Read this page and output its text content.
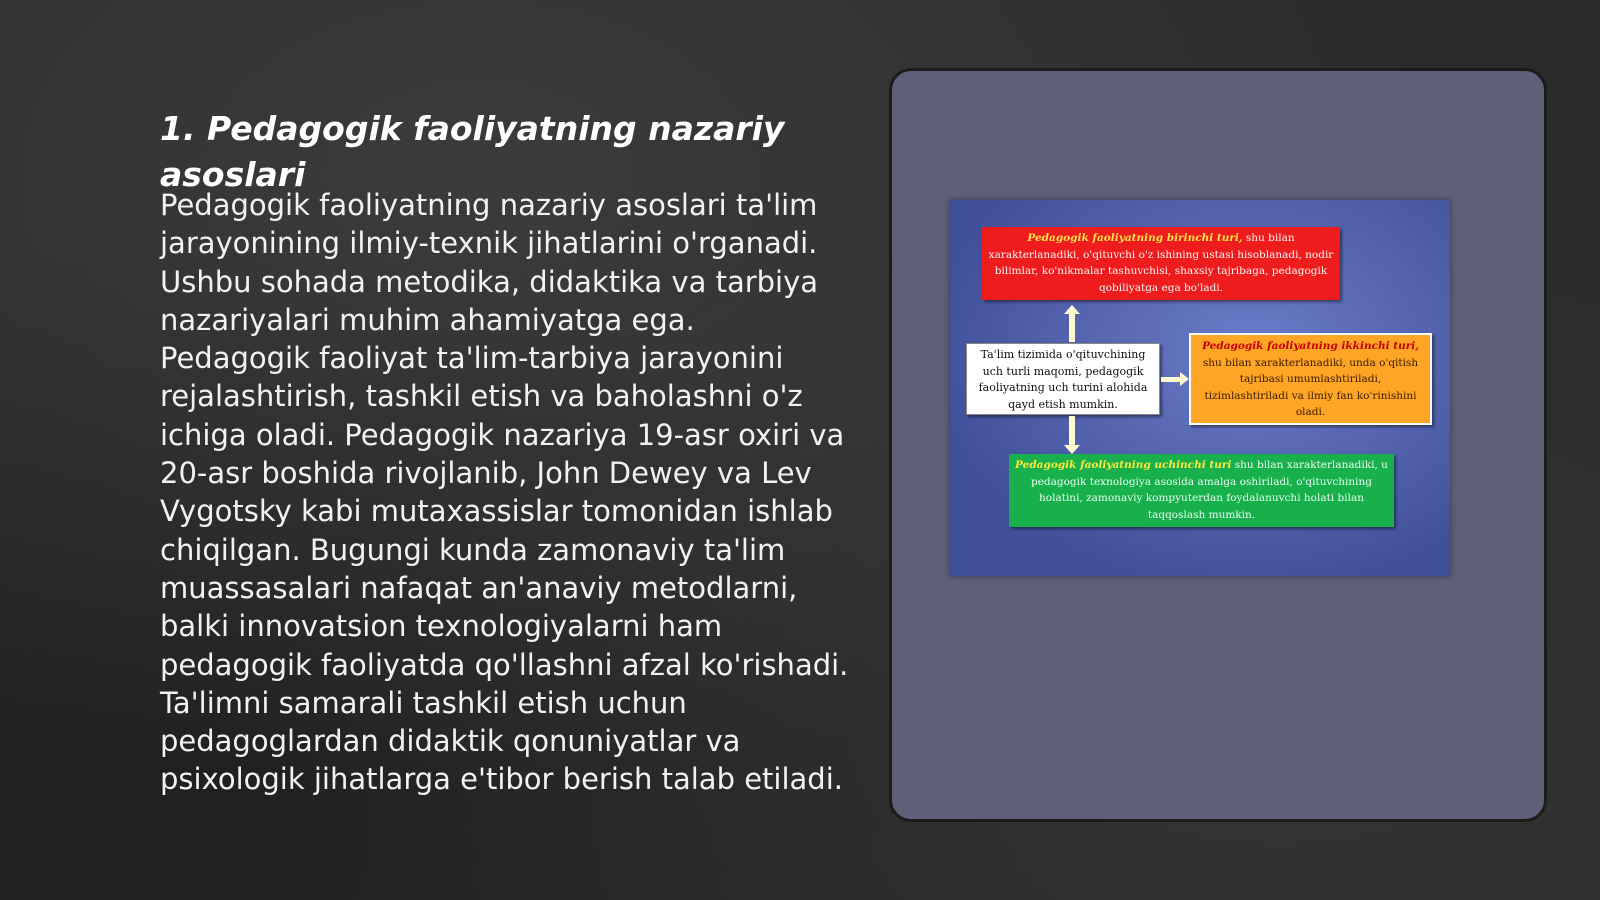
1. Pedagogik faoliyatning nazariy asoslari

Pedagogik faoliyatning nazariy asoslari ta'lim jarayonining ilmiy-texnik jihatlarini o'rganadi. Ushbu sohada metodika, didaktika va tarbiya nazariyalari muhim ahamiyatga ega. Pedagogik faoliyat ta'lim-tarbiya jarayonini rejalashtirish, tashkil etish va baholashni o'z ichiga oladi. Pedagogik nazariya 19-asr oxiri va 20-asr boshida rivojlanib, John Dewey va Lev Vygotsky kabi mutaxassislar tomonidan ishlab chiqilgan. Bugungi kunda zamonaviy ta'lim muassasalari nafaqat an'anaviy metodlarni, balki innovatsion texnologiyalarni ham pedagogik faoliyatda qo'llashni afzal ko'rishadi. Ta'limni samarali tashkil etish uchun pedagoglardan didaktik qonuniyatlar va psixologik jihatlarga e'tibor berish talab etiladi.

Pedagogik faoliyatning birinchi turi, shu bilan xarakterlanadiki, o'qituvchi o'z ishining ustasi hisoblanadi, nodir bilimlar, ko'nikmalar tashuvchisi, shaxsiy tajribaga, pedagogik qobiliyatga ega bo'ladi.
Ta'lim tizimida o'qituvchining uch turli maqomi, pedagogik faoliyatning uch turini alohida qayd etish mumkin.
Pedagogik faoliyatning ikkinchi turi, shu bilan xarakterlanadiki, unda o'qitish tajribasi umumlashtiriladi, tizimlashtiriladi va ilmiy fan ko'rinishini oladi.
Pedagogik faoliyatning uchinchi turi shu bilan xarakterlanadiki, u pedagogik texnologiya asosida amalga oshiriladi, o'qituvchining holatini, zamonaviy kompyuterdan foydalanuvchi holati bilan taqqoslash mumkin.
